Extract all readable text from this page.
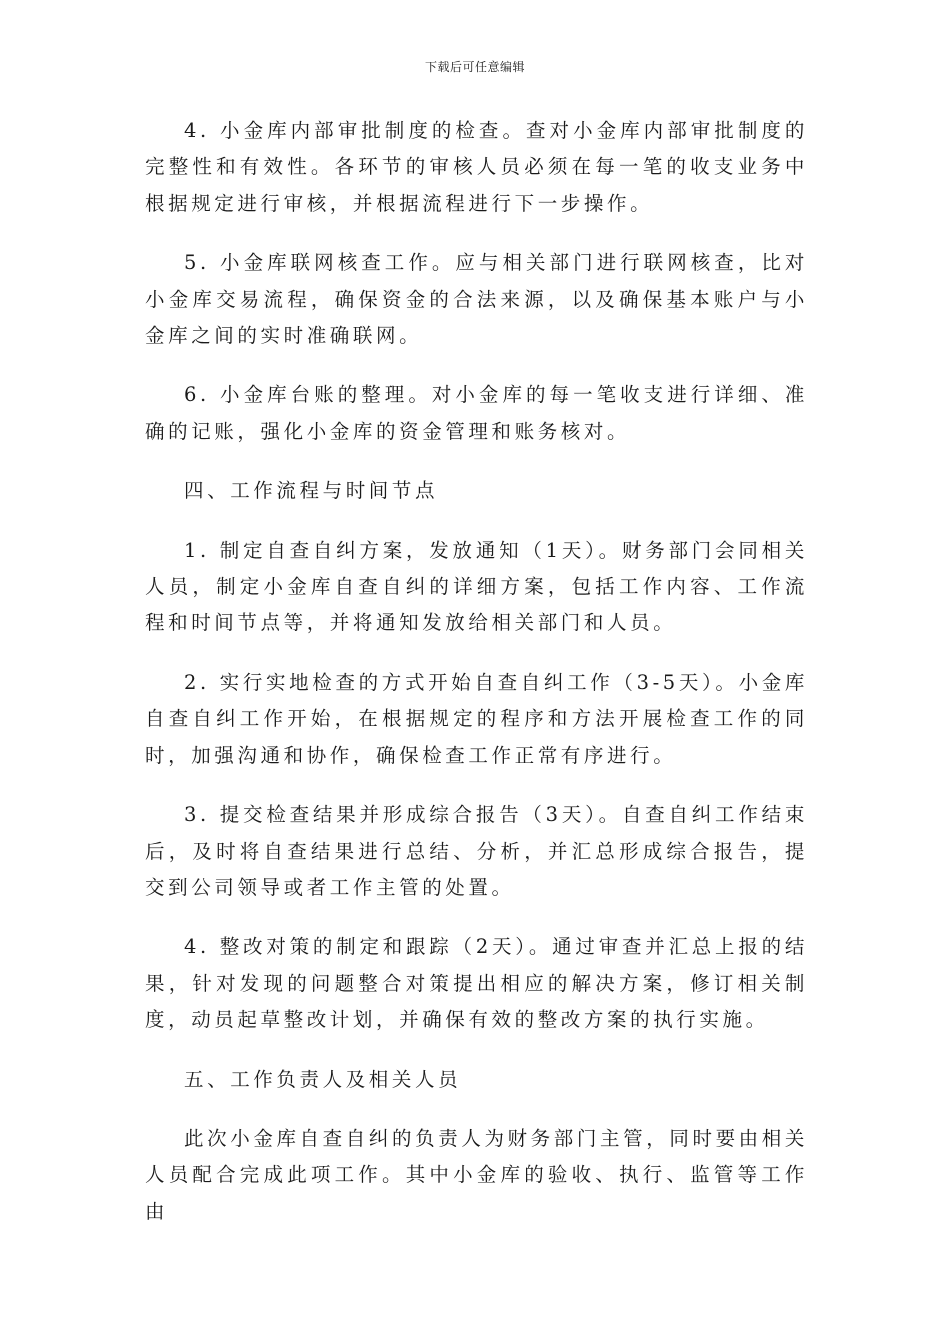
下载后可任意编辑

4. 小金库内部审批制度的检查。查对小金库内部审批制度的完整性和有效性。各环节的审核人员必须在每一笔的收支业务中根据规定进行审核，并根据流程进行下一步操作。

5. 小金库联网核查工作。应与相关部门进行联网核查，比对小金库交易流程，确保资金的合法来源，以及确保基本账户与小金库之间的实时准确联网。

6. 小金库台账的整理。对小金库的每一笔收支进行详细、准确的记账，强化小金库的资金管理和账务核对。

四、工作流程与时间节点

1. 制定自查自纠方案，发放通知（1天）。财务部门会同相关人员，制定小金库自查自纠的详细方案，包括工作内容、工作流程和时间节点等，并将通知发放给相关部门和人员。

2. 实行实地检查的方式开始自查自纠工作（3-5天）。小金库自查自纠工作开始，在根据规定的程序和方法开展检查工作的同时，加强沟通和协作，确保检查工作正常有序进行。

3. 提交检查结果并形成综合报告（3天）。自查自纠工作结束后，及时将自查结果进行总结、分析，并汇总形成综合报告，提交到公司领导或者工作主管的处置。

4. 整改对策的制定和跟踪（2天）。通过审查并汇总上报的结果，针对发现的问题整合对策提出相应的解决方案，修订相关制度，动员起草整改计划，并确保有效的整改方案的执行实施。

五、工作负责人及相关人员

此次小金库自查自纠的负责人为财务部门主管，同时要由相关人员配合完成此项工作。其中小金库的验收、执行、监管等工作由
